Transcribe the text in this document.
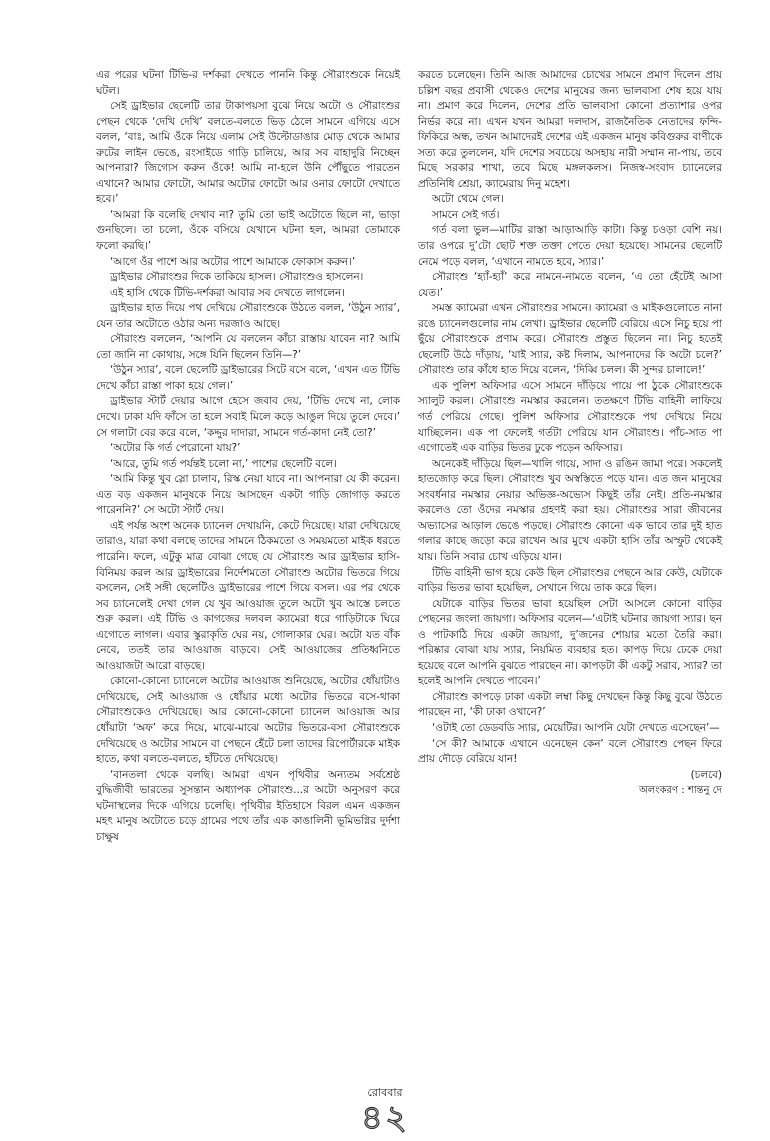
এর পরের ঘটনা টিভি-র দর্শকরা দেখতে পাননি কিন্তু সৌরাংশুকে নিয়েই ঘটল।

সেই ড্রাইভার ছেলেটি তার টাকাপয়সা বুঝে নিয়ে অটো ও সৌরাংশুর পেছন থেকে ‘দেখি দেখি’ বলতে-বলতে ভিড় ঠেলে সামনে এগিয়ে এসে বলল, ‘বাঃ, আমি ওঁকে নিয়ে এলাম সেই উল্টোডাঙার মোড় থেকে আমার রুটের লাইন ভেঙে, রংসাইডে গাড়ি চালিয়ে, আর সব বাহাদুরি নিচ্ছেন আপনারা? জিগ্যেস করুন ওঁকে! আমি না-হলে উনি পৌঁছুতে পারতেন এখানে? আমার ফোটো, আমার অটোর ফোটো আর ওনার ফোটো দেখাতে হবে।’

‘আমরা কি বলেছি দেখাব না? তুমি তো ভাই অটোতে ছিলে না, ভাড়া গুনছিলে। তা চলো, ওঁকে বসিয়ে যেখানে ঘটনা হল, আমরা তোমাকে ফলো করছি।’

‘আগে ওঁর পাশে আর অটোর পাশে আমাকে ফোকাস করুন।’

ড্রাইভার সৌরাংশুর দিকে তাকিয়ে হাসল। সৌরাংশুও হাসলেন।

এই হাসি থেকে টিভি-দর্শকরা আবার সব দেখতে লাগলেন।

ড্রাইভার হাত দিয়ে পথ দেখিয়ে সৌরাংশুকে উঠতে বলল, ‘উঠুন স্যার’, যেন তার অটোতে ওঠার অন্য দরজাও আছে।

সৌরাংশু বললেন, ‘আপনি যে বললেন কাঁচা রাস্তায় যাবেন না? আমি তো জানি না কোথায়, সঙ্গে যিনি ছিলেন তিনি—?’

‘উঠুন স্যার’, বলে ছেলেটি ড্রাইভারের সিটে বসে বলে, ‘এখন এত টিভি দেখে কাঁচা রাস্তা পাকা হয়ে গেল।’

ড্রাইভার স্টার্ট দেয়ার আগে হেসে জবাব দেয়, ‘টিভি দেখে না, লোক দেখে। ঢাকা যদি ফাঁসে তা হলে সবাই মিলে কড়ে আঙুল দিয়ে তুলে দেবে।’ সে গলাটা বের করে বলে, ‘কদ্দুর দাদারা, সামনে গর্ত-কাদা নেই তো?’

‘অটোর কি গর্ত পেরোনো যায়?’

‘আরে, তুমি গর্ত পর্যন্তই চলো না,’ পাশের ছেলেটি বলে।

‘আমি কিন্তু খুব স্লো চালাব, রিস্ক নেয়া যাবে না। আপনারা যে কী করেন। এত বড় একজন মানুষকে নিয়ে আসছেন একটা গাড়ি জোগাড় করতে পারেননি?’ সে অটো স্টার্ট দেয়।

এই পর্যন্ত অংশ অনেক চ্যানেল দেখায়নি, কেটে দিয়েছে। যারা দেখিয়েছে তারাও, যারা কথা বলছে তাদের সামনে ঠিকমতো ও সময়মতো মাইক ধরতে পারেনি। ফলে, এটুকু মাত্র বোঝা গেছে যে সৌরাংশু আর ড্রাইভার হাসি-বিনিময় করল আর ড্রাইভারের নির্দেশমতো সৌরাংশু অটোর ভিতরে গিয়ে বসলেন, সেই সঙ্গী ছেলেটিও ড্রাইভারের পাশে গিয়ে বসল। এর পর থেকে সব চ্যানেলেই দেখা গেল যে খুব আওয়াজ তুলে অটো খুব আস্তে চলতে শুরু করল। এই টিভি ও কাগজের দলবল ক্যামেরা ধরে গাড়িটাকে ঘিরে এগোতে লাগল। এবার স্কুরাকৃতি ঘের নয়, গোলাকার ঘের। অটো যত বাঁক নেবে, ততই তার আওয়াজ বাড়বে। সেই আওয়াজের প্রতিধ্বনিতে আওয়াজটা আরো বাড়ছে।

কোনো-কোনো চ্যানেলে অটোর আওয়াজ শুনিয়েছে, অটোর ধোঁয়াটাও দেখিয়েছে, সেই আওয়াজ ও ধোঁয়ার মধ্যে অটোর ভিতরে বসে-থাকা সৌরাংশুকেও দেখিয়েছে। আর কোনো-কোনো চ্যানেল আওয়াজ আর ধোঁয়াটা ‘অফ’ করে দিয়ে, মাঝে-মাঝে অটোর ভিতরে-বসা সৌরাংশুকে দেখিয়েছে ও অটোর সামনে বা পেছনে হেঁটে চলা তাদের রিপোর্টারকে মাইক হাতে, কথা বলতে-বলতে, হাঁটতে দেখিয়েছে।

‘বানতলা থেকে বলছি। আমরা এখন পৃথিবীর অন্যতম সর্বশ্রেষ্ঠ বুদ্ধিজীবী ভারতের সুসন্তান অধ্যাপক সৌরাংশু...র অটো অনুসরণ করে ঘটনাস্থলের দিকে এগিয়ে চলেছি। পৃথিবীর ইতিহাসে বিরল এমন একজন মহৎ মানুষ অটোতে চড়ে গ্রামের পথে তাঁর এক কাঙালিনী ভূমিভগ্নির দুর্দশা চাক্ষুষ

করতে চলেছেন। তিনি আজ আমাদের চোখের সামনে প্রমাণ দিলেন প্রায় চল্লিশ বছর প্রবাসী থেকেও দেশের মানুষের জন্য ভালবাসা শেষ হয়ে যায় না। প্রমাণ করে দিলেন, দেশের প্রতি ভালবাসা কোনো প্রত্যাশার ওপর নির্ভর করে না। এখন যখন আমরা দলদাস, রাজনৈতিক নেতাদের ফন্দি-ফিকিরে অন্ধ, তখন আমাদেরই দেশের এই একজন মানুষ কবিগুরুর বাণীকে সত্য করে তুললেন, যদি দেশের সবচেয়ে অসহায় নারী সম্মান না-পায়, তবে মিছে সরকার শাখা, তবে মিছে মঙ্গলকলস। নিজস্ব-সংবাদ চ্যানেলের প্রতিনিধি শ্রেয়া, ক্যামেরায় দিনু মহেশ।

অটো থেমে গেল।

সামনে সেই গর্ত।

গর্ত বলা ভুল—মাটির রাস্তা আড়াআড়ি কাটা। কিন্তু চওড়া বেশি নয়। তার ওপরে দু’টো ছোট শক্ত তক্তা পেতে দেয়া হয়েছে। সামনের ছেলেটি নেমে পড়ে বলল, ‘এখানে নামতে হবে, স্যার।’

সৌরাংশু ‘হ্যাঁ-হ্যাঁ’ করে নামনে-নামতে বলেন, ‘এ তো হেঁটেই আসা যেত।’

সমস্ত ক্যামেরা এখন সৌরাংশুর সামনে। ক্যামেরা ও মাইকগুলোতে নানা রঙে চ্যানেলগুলোর নাম লেখা। ড্রাইভার ছেলেটি বেরিয়ে এসে নিচু হয়ে পা ছুঁয়ে সৌরাংশুকে প্রণাম করে। সৌরাংশু প্রস্তুত ছিলেন না। নিচু হতেই ছেলেটি উঠে দাঁড়ায়, ‘যাই স্যার, কষ্ট দিলাম, আপনাদের কি অটো চলে?’ সৌরাংশু তার কাঁধে হাত দিয়ে বলেন, ‘দিব্বি চলল। কী সুন্দর চালালে!’

এক পুলিশ অফিসার এসে সামনে দাঁড়িয়ে পায়ে পা ঠুকে সৌরাংশুকে স্যালুট করল। সৌরাংশু নমস্কার করলেন। ততক্ষণে টিভি বাহিনী লাফিয়ে গর্ত পেরিয়ে গেছে। পুলিশ অফিসার সৌরাংশুকে পথ দেখিয়ে নিয়ে যাচ্ছিলেন। এক পা ফেলেই গর্তটা পেরিয়ে যান সৌরাংশু। পাঁচ-সাত পা এগোতেই এক বাড়ির ভিতর ঢুকে পড়েন অফিসার।

অনেকেই দাঁড়িয়ে ছিল—খালি গায়ে, সাদা ও রঙিন জামা পরে। সকলেই হাতজোড় করে ছিল। সৌরাংশু খুব অস্বস্তিতে পড়ে যান। এত জন মানুষের সংবর্ধনার নমস্কার নেয়ার অভিজ্ঞ-অভ্যেস কিছুই তাঁর নেই। প্রতি-নমস্কার করলেও তো ওঁদের নমস্কার গ্রহণই করা হয়। সৌরাংশুর সারা জীবনের অভ্যাসের আড়াল ভেঙে পড়ছে। সৌরাংশু কোনো এক ভাবে তার দুই হাত গলার কাছে জড়ো করে রাখেন আর মুখে একটা হাসি তাঁর অস্ফুট থেকেই যায়। তিনি সবার চোখ এড়িয়ে যান।

টিভি বাহিনী ভাগ হয়ে কেউ ছিল সৌরাংশুর পেছনে আর কেউ, যেটাকে বাড়ির ভিতর ভাবা হয়েছিল, সেখানে গিয়ে তাক করে ছিল।

যেটাকে বাড়ির ভিতর ভাবা হয়েছিল সেটা আসলে কোনো বাড়ির পেছনের জংলা জায়গা। অফিসার বলেন—‘এটাই ঘটনার জায়গা স্যার। ছন ও পাটকাঠি দিয়ে একটা জায়গা, দু’জনের শোয়ার মতো তৈরি করা। পরিষ্কার বোঝা যায় স্যার, নিয়মিত ব্যবহার হত। কাপড় দিয়ে ঢেকে দেয়া হয়েছে বলে আপনি বুঝতে পারছেন না। কাপড়টা কী একটু সরাব, স্যার? তা হলেই আপনি দেখতে পাবেন।’

সৌরাংশু কাপড়ে ঢাকা একটা লম্বা কিছু দেখছেন কিন্তু কিছু বুঝে উঠতে পারছেন না, ‘কী ঢাকা ওখানে?’

‘ওটাই তো ডেডবডি স্যার, মেয়েটির। আপনি যেটা দেখতে এসেছেন’—

‘সে কী? আমাকে এখানে এনেছেন কেন’ বলে সৌরাংশু পেছন ফিরে প্রায় দৌড়ে বেরিয়ে যান!

(চলবে)

অলংকরণ : শান্তনু দে

রোববার
৪২
